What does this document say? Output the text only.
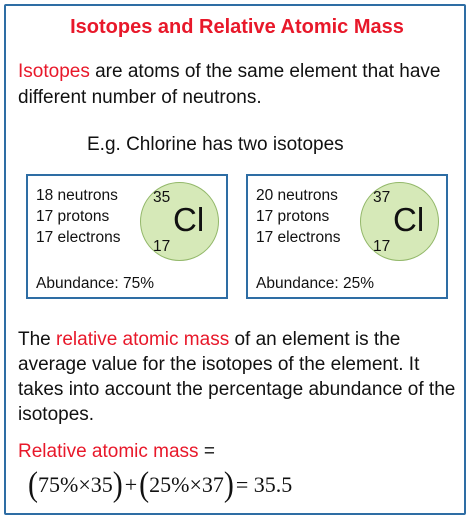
Isotopes and Relative Atomic Mass
Isotopes are atoms of the same element that have different number of neutrons.
E.g. Chlorine has two isotopes
18 neutrons
17 protons
17 electrons
35
Cl
17
Abundance: 75%
20 neutrons
17 protons
17 electrons
37
Cl
17
Abundance: 25%
The relative atomic mass of an element is the average value for the isotopes of the element. It takes into account the percentage abundance of the isotopes.
Relative atomic mass =
( 75%×35 ) + ( 25%×37 ) = 35.5
